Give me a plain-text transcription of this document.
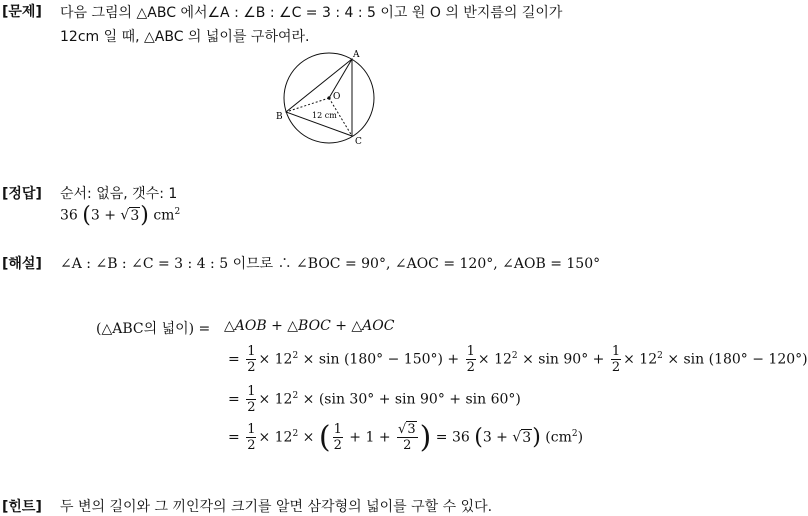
[문제] 다음 그림의 △ABC 에서∠A : ∠B : ∠C = 3 : 4 : 5 이고 원 O 의 반지름의 길이가
12cm 일 때, △ABC 의 넓이를 구하여라.
A
B
C
O
12 cm
[정답] 순서: 없음, 갯수: 1
36 (3 + √3) $cm^2$
[해설] ∠A : ∠B : ∠C = 3 : 4 : 5 이므로 ∴ ∠BOC = 90°, ∠AOC = 120°, ∠AOB = 150°
(△ABC의 넓이) = △AOB + △BOC + △AOC
= $\frac{1}{2} \times 12^2 \times \sin (180^\circ - 150^\circ) + \frac{1}{2} \times 12^2 \times \sin 90^\circ + \frac{1}{2} \times 12^2 \times \sin (180^\circ - 120^\circ)$
= $\frac{1}{2} \times 12^2 \times (\sin$ 30° + sin 90° + sin 60°)
= $\frac{1}{2} \times 12^2$ × ( $\frac{1}{2} + 1 + \frac{√3}{2}$ ) = 36 (3 + √3) $(cm^2)$
[힌트] 두 변의 길이와 그 끼인각의 크기를 알면 삼각형의 넓이를 구할 수 있다.
